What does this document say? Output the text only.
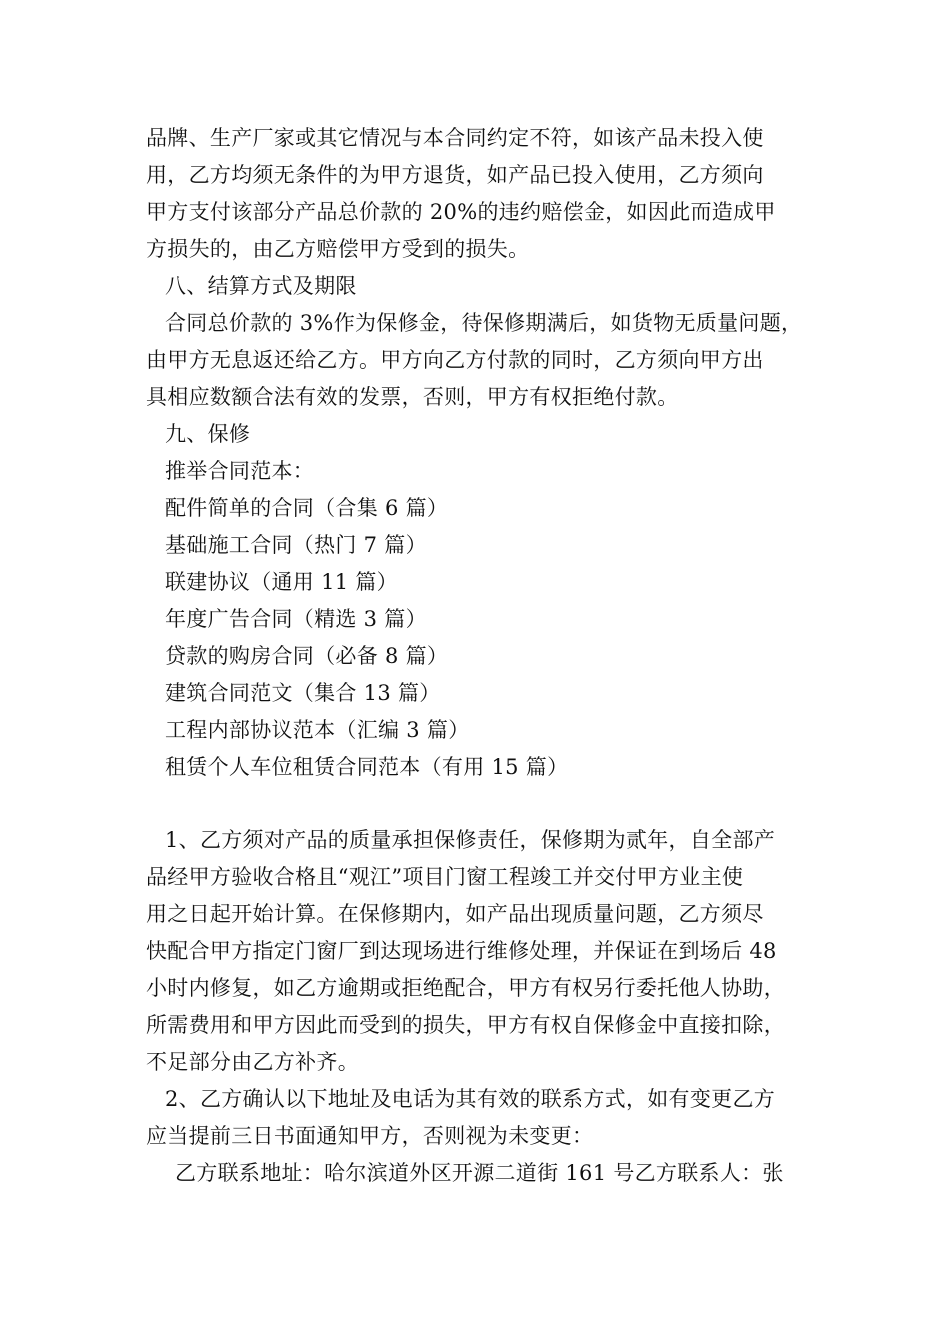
品牌、生产厂家或其它情况与本合同约定不符，如该产品未投入使
用，乙方均须无条件的为甲方退货，如产品已投入使用，乙方须向
甲方支付该部分产品总价款的 20%的违约赔偿金，如因此而造成甲
方损失的，由乙方赔偿甲方受到的损失。
八、结算方式及期限
合同总价款的 3%作为保修金，待保修期满后，如货物无质量问题，
由甲方无息返还给乙方。甲方向乙方付款的同时，乙方须向甲方出
具相应数额合法有效的发票，否则，甲方有权拒绝付款。
九、保修
推举合同范本：
配件简单的合同（合集 6 篇）
基础施工合同（热门 7 篇）
联建协议（通用 11 篇）
年度广告合同（精选 3 篇）
贷款的购房合同（必备 8 篇）
建筑合同范文（集合 13 篇）
工程内部协议范本（汇编 3 篇）
租赁个人车位租赁合同范本（有用 15 篇）
1、乙方须对产品的质量承担保修责任，保修期为贰年，自全部产
品经甲方验收合格且“观江”项目门窗工程竣工并交付甲方业主使
用之日起开始计算。在保修期内，如产品出现质量问题，乙方须尽
快配合甲方指定门窗厂到达现场进行维修处理，并保证在到场后 48
小时内修复，如乙方逾期或拒绝配合，甲方有权另行委托他人协助，
所需费用和甲方因此而受到的损失，甲方有权自保修金中直接扣除，
不足部分由乙方补齐。
2、乙方确认以下地址及电话为其有效的联系方式，如有变更乙方
应当提前三日书面通知甲方，否则视为未变更：
乙方联系地址：哈尔滨道外区开源二道街 161 号乙方联系人：张
